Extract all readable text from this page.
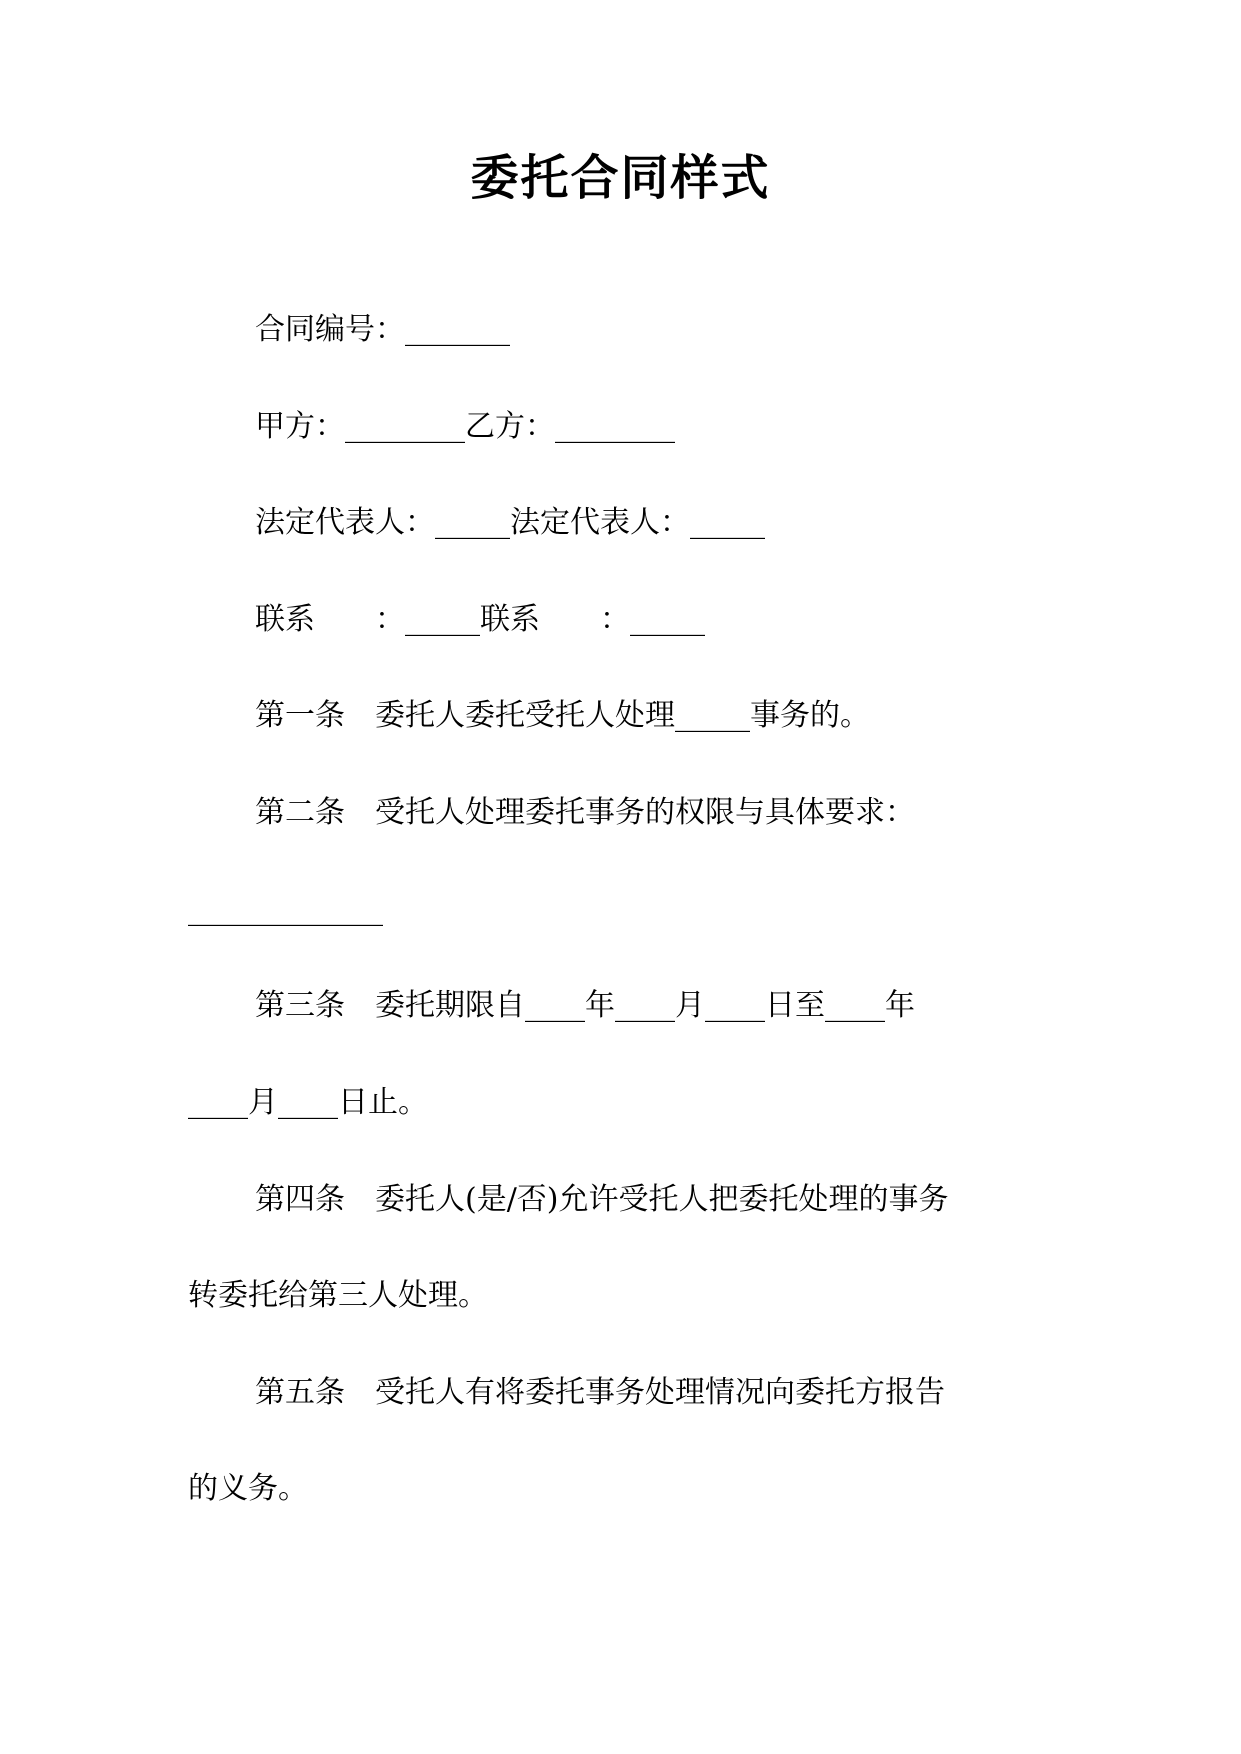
委托合同样式
合同编号：_______
甲方：________乙方：________
法定代表人：_____法定代表人：_____
联系　　：_____联系　　：_____
第一条　委托人委托受托人处理_____事务的。
第二条　受托人处理委托事务的权限与具体要求：
_____________
第三条　委托期限自____年____月____日至____年
____月____日止。
第四条　委托人(是/否)允许受托人把委托处理的事务
转委托给第三人处理。
第五条　受托人有将委托事务处理情况向委托方报告
的义务。
